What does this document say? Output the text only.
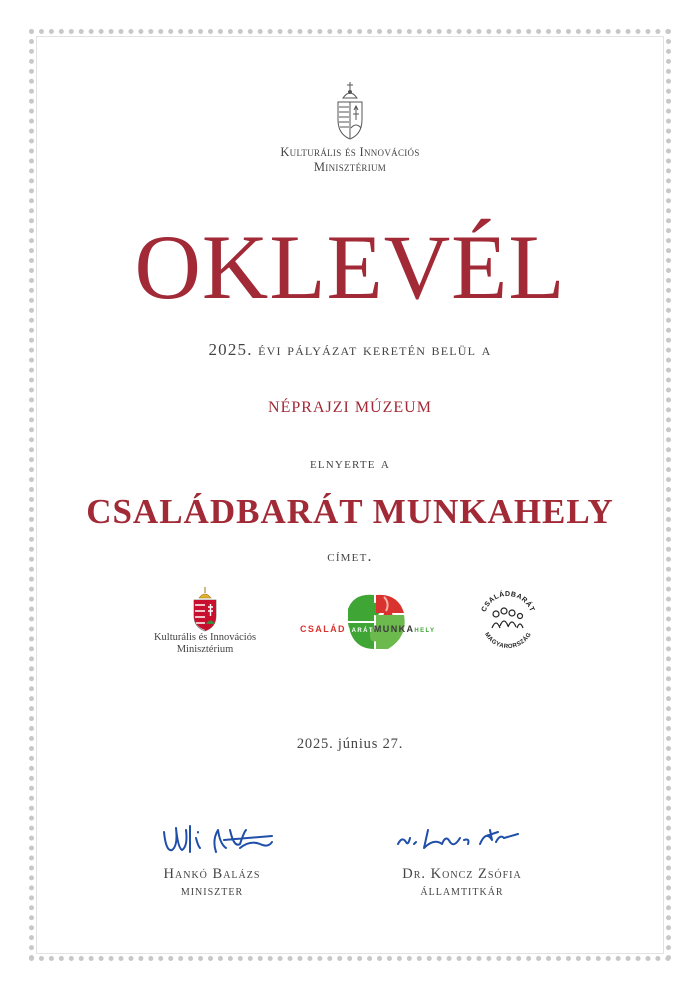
Kulturális és Innovációs
Minisztérium
OKLEVÉL
2025. évi pályázat keretén belül a
NÉPRAJZI MÚZEUM
elnyerte a
CSALÁDBARÁT MUNKAHELY
címet.
Kulturális és Innovációs
Minisztérium
CSALÁDBARÁTMUNKAHELY
CSALÁDBARÁT
MAGYARORSZÁG
2025. június 27.
Hankó Balázs
miniszter
Dr. Koncz Zsófia
államtitkár
